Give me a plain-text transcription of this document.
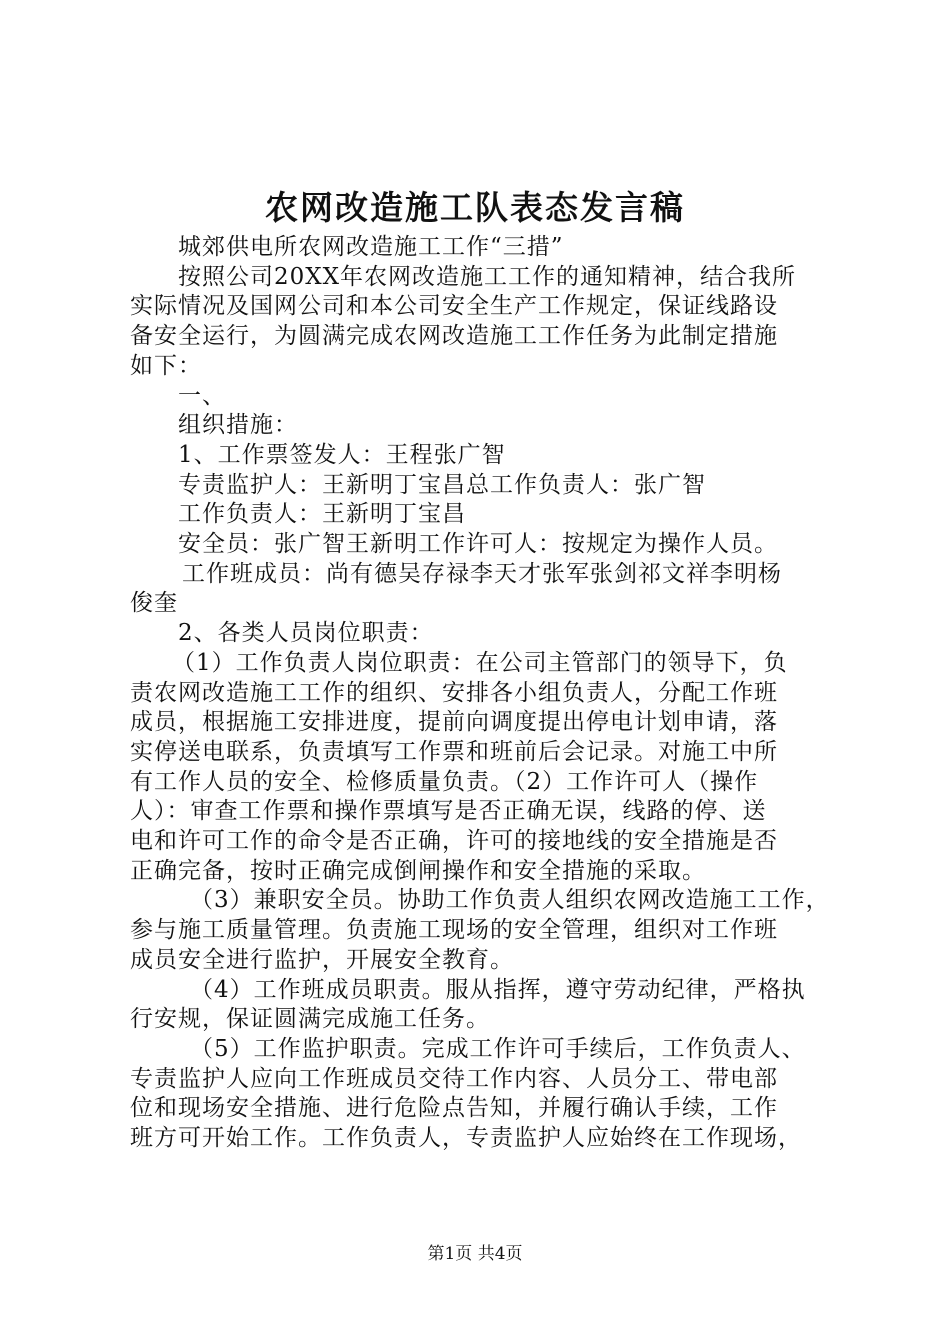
农网改造施工队表态发言稿

城郊供电所农网改造施工工作“三措”

按照公司20XX年农网改造施工工作的通知精神，结合我所

实际情况及国网公司和本公司安全生产工作规定，保证线路设

备安全运行，为圆满完成农网改造施工工作任务为此制定措施

如下：

一、

组织措施：

1、工作票签发人：王程张广智

专责监护人：王新明丁宝昌总工作负责人：张广智

工作负责人：王新明丁宝昌

安全员：张广智王新明工作许可人：按规定为操作人员。

工作班成员：尚有德吴存禄李天才张军张剑祁文祥李明杨

俊奎

2、各类人员岗位职责：

（1）工作负责人岗位职责：在公司主管部门的领导下，负

责农网改造施工工作的组织、安排各小组负责人，分配工作班

成员，根据施工安排进度，提前向调度提出停电计划申请，落

实停送电联系，负责填写工作票和班前后会记录。对施工中所

有工作人员的安全、检修质量负责。（2）工作许可人（操作

人）：审查工作票和操作票填写是否正确无误，线路的停、送

电和许可工作的命令是否正确，许可的接地线的安全措施是否

正确完备，按时正确完成倒闸操作和安全措施的采取。

（3）兼职安全员。协助工作负责人组织农网改造施工工作，

参与施工质量管理。负责施工现场的安全管理，组织对工作班

成员安全进行监护，开展安全教育。

（4）工作班成员职责。服从指挥，遵守劳动纪律，严格执

行安规，保证圆满完成施工任务。

（5）工作监护职责。完成工作许可手续后，工作负责人、

专责监护人应向工作班成员交待工作内容、人员分工、带电部

位和现场安全措施、进行危险点告知，并履行确认手续，工作

班方可开始工作。工作负责人，专责监护人应始终在工作现场，

第1页 共4页
